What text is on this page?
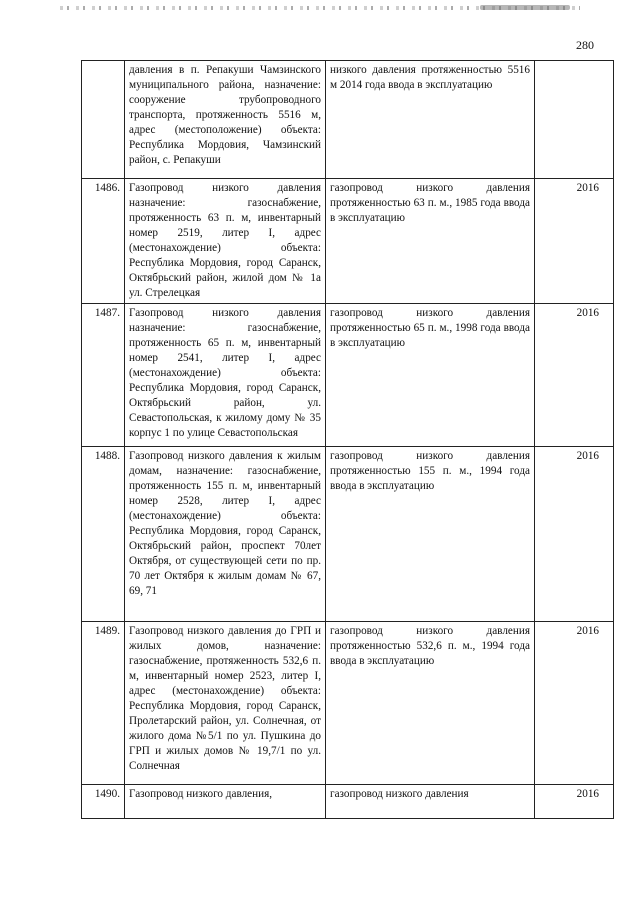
280
	давления в п. Репакуши Чамзинского муниципального района, назначение: сооружение трубопроводного транспорта, протяженность 5516 м, адрес (местоположение) объекта: Республика Мордовия, Чамзинский район, с. Репакуши	низкого давления протяженностью 5516 м 2014 года ввода в эксплуатацию	
1486.	Газопровод низкого давления назначение: газоснабжение, протяженность 63 п. м, инвентарный номер 2519, литер I, адрес (местонахождение) объекта: Республика Мордовия, город Саранск, Октябрьский район, жилой дом № 1а ул. Стрелецкая	газопровод низкого давления протяженностью 63 п. м., 1985 года ввода в эксплуатацию	2016
1487.	Газопровод низкого давления назначение: газоснабжение, протяженность 65 п. м, инвентарный номер 2541, литер I, адрес (местонахождение) объекта: Республика Мордовия, город Саранск, Октябрьский район, ул. Севастопольская, к жилому дому № 35 корпус 1 по улице Севастопольская	газопровод низкого давления протяженностью 65 п. м., 1998 года ввода в эксплуатацию	2016
1488.	Газопровод низкого давления к жилым домам, назначение: газоснабжение, протяженность 155 п. м, инвентарный номер 2528, литер I, адрес (местонахождение) объекта: Республика Мордовия, город Саранск, Октябрьский район, проспект 70лет Октября, от существующей сети по пр. 70 лет Октября к жилым домам № 67, 69, 71	газопровод низкого давления протяженностью 155 п. м., 1994 года ввода в эксплуатацию	2016
1489.	Газопровод низкого давления до ГРП и жилых домов, назначение: газоснабжение, протяженность 532,6 п. м, инвентарный номер 2523, литер I, адрес (местонахождение) объекта: Республика Мордовия, город Саранск, Пролетарский район, ул. Солнечная, от жилого дома №5/1 по ул. Пушкина до ГРП и жилых домов № 19,7/1 по ул. Солнечная	газопровод низкого давления протяженностью 532,6 п. м., 1994 года ввода в эксплуатацию	2016
1490.	Газопровод низкого давления,	газопровод низкого давления	2016
